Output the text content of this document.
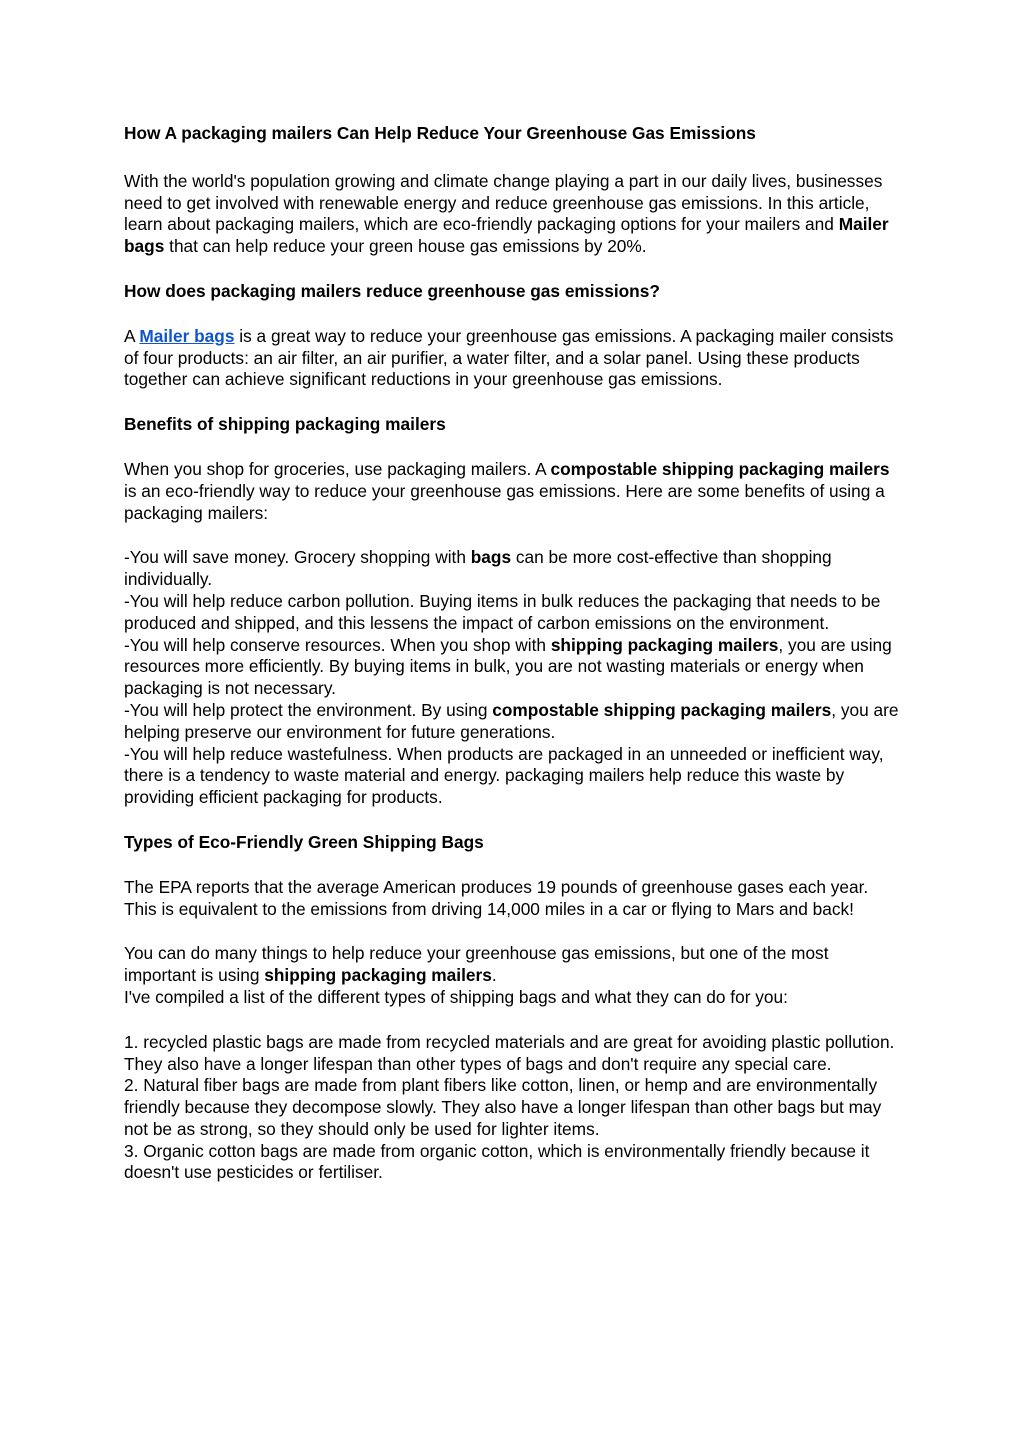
How A packaging mailers Can Help Reduce Your Greenhouse Gas Emissions

With the world's population growing and climate change playing a part in our daily lives, businesses need to get involved with renewable energy and reduce greenhouse gas emissions. In this article, learn about packaging mailers, which are eco-friendly packaging options for your mailers and Mailer bags that can help reduce your green house gas emissions by 20%.

How does packaging mailers reduce greenhouse gas emissions?

A Mailer bags is a great way to reduce your greenhouse gas emissions. A packaging mailer consists of four products: an air filter, an air purifier, a water filter, and a solar panel. Using these products together can achieve significant reductions in your greenhouse gas emissions.

Benefits of shipping packaging mailers

When you shop for groceries, use packaging mailers. A compostable shipping packaging mailers is an eco-friendly way to reduce your greenhouse gas emissions. Here are some benefits of using a packaging mailers:

-You will save money. Grocery shopping with bags can be more cost-effective than shopping individually.
-You will help reduce carbon pollution. Buying items in bulk reduces the packaging that needs to be produced and shipped, and this lessens the impact of carbon emissions on the environment.
-You will help conserve resources. When you shop with shipping packaging mailers, you are using resources more efficiently. By buying items in bulk, you are not wasting materials or energy when packaging is not necessary.
-You will help protect the environment. By using compostable shipping packaging mailers, you are helping preserve our environment for future generations.
-You will help reduce wastefulness. When products are packaged in an unneeded or inefficient way, there is a tendency to waste material and energy. packaging mailers help reduce this waste by providing efficient packaging for products.
Types of Eco-Friendly Green Shipping Bags

The EPA reports that the average American produces 19 pounds of greenhouse gases each year. This is equivalent to the emissions from driving 14,000 miles in a car or flying to Mars and back!

You can do many things to help reduce your greenhouse gas emissions, but one of the most important is using shipping packaging mailers.
I've compiled a list of the different types of shipping bags and what they can do for you:
1. recycled plastic bags are made from recycled materials and are great for avoiding plastic pollution. They also have a longer lifespan than other types of bags and don't require any special care.
2. Natural fiber bags are made from plant fibers like cotton, linen, or hemp and are environmentally friendly because they decompose slowly. They also have a longer lifespan than other bags but may not be as strong, so they should only be used for lighter items.
3. Organic cotton bags are made from organic cotton, which is environmentally friendly because it doesn't use pesticides or fertiliser.
